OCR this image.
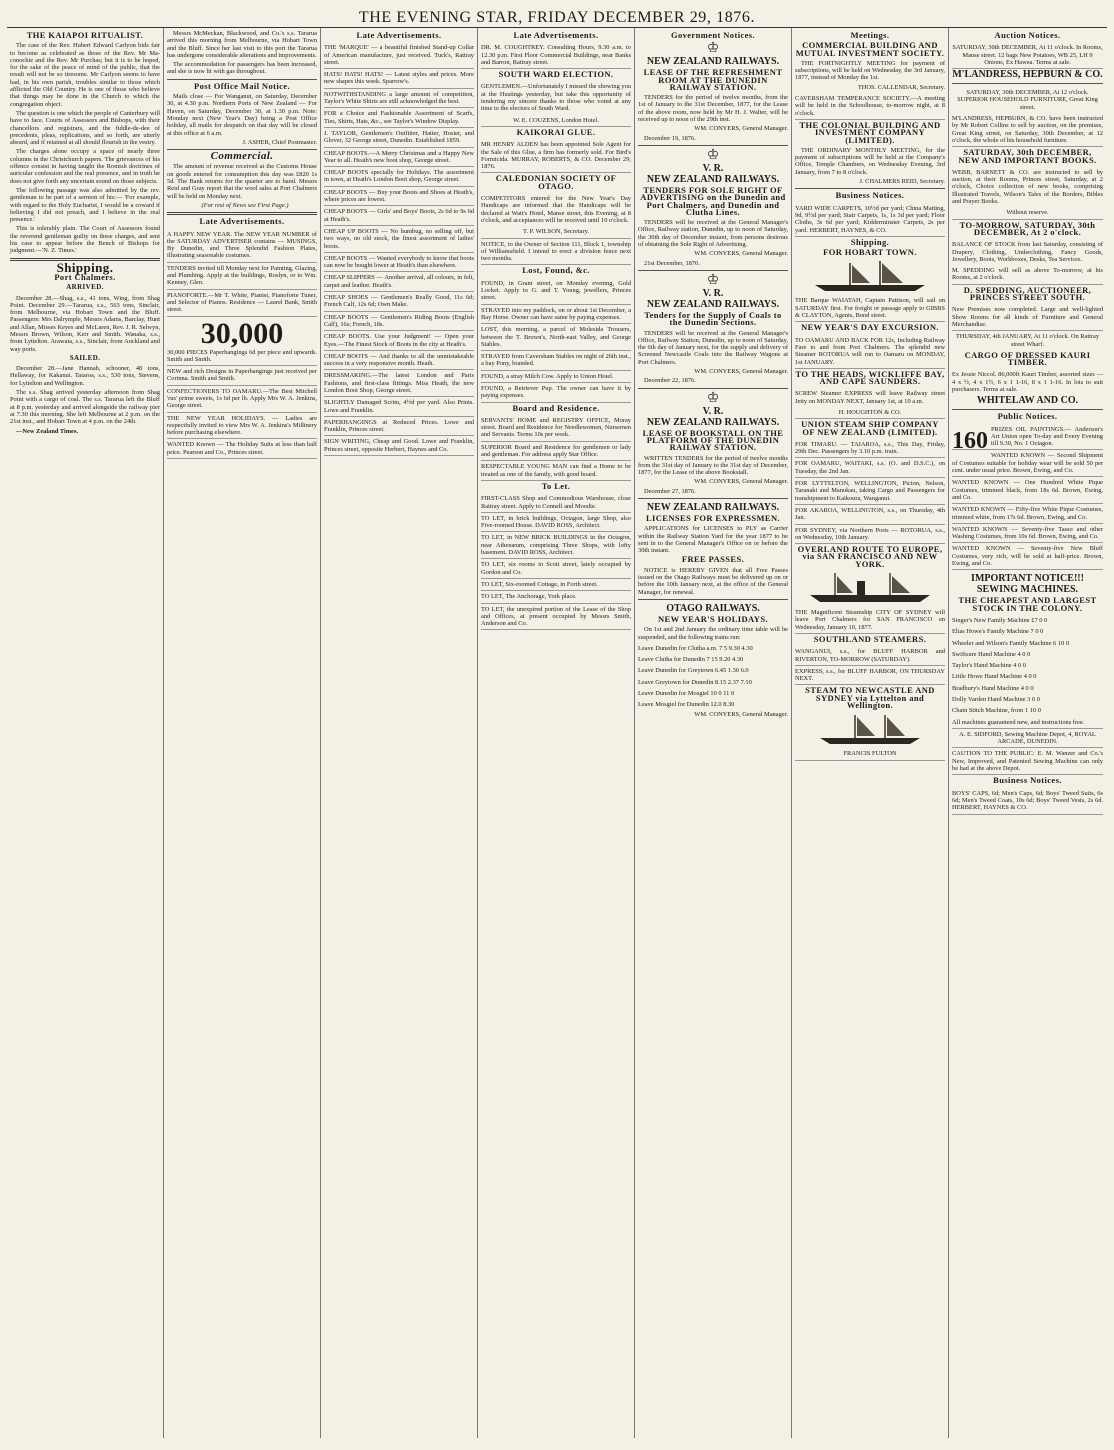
THE EVENING STAR, FRIDAY DECEMBER 29, 1876.
THE KAIAPOI RITUALIST.

The case of the Rev. Hubert Edward Carlyon bids fair to become as celebrated as those of the Rev. Mr Ma-conochie and the Rev. Mr Purchas; but it is to be hoped, for the sake of the peace of mind of the public, that the result will not be so tiresome. Mr Carlyon seems to have had, in his own parish, troubles similar to those which afflicted the Old Country. He is one of those who believe that things may be done in the Church to which the congregation object.

The question is one which the people of Canterbury will have to face. Courts of Assessors and Bishops, with their chancellors and registrars, and the fiddle-de-dee of precedents, pleas, replications, and so forth, are utterly absurd, and if retained at all should flourish in the vestry.

The charges alone occupy a space of nearly three columns in the Christchurch papers. The grievances of his offence consist in having taught the Romish doctrines of auricular confession and the real presence, and in truth he does not give forth any uncertain sound on those subjects.

The following passage was also admitted by the rev. gentleman to be part of a sermon of his:— 'For example, with regard to the Holy Eucharist, I would be a coward if believing I did not preach, and I believe in the real presence.'

This is tolerably plain. The Court of Assessors found the reverend gentleman guilty on these charges, and sent his case to appear before the Bench of Bishops for judgment.—'N. Z. Times.'

Shipping.
Port Chalmers.
ARRIVED.

December 28.—Shag, s.s., 41 tons, Wing, from Shag Point. December 29.—Tararua, s.s., 563 tons, Sinclair, from Melbourne, via Hobart Town and the Bluff. Passengers: Mrs Dalrymple, Messrs Adams, Barclay, Hunt and Allan, Misses Keyes and McLaren, Rev. J. R. Selwyn, Messrs Brown, Wilson, Kerr and Smith. Wanaka, s.s., from Lyttelton. Arawata, s.s., Sinclair, from Auckland and way ports.

SAILED.

December 28.—Jane Hannah, schooner, 48 tons, Hellaway, for Kakanui. Taiaroa, s.s., 530 tons, Stevens, for Lyttelton and Wellington.

The s.s. Shag arrived yesterday afternoon from Shag Point with a cargo of coal. The s.s. Tararua left the Bluff at 8 p.m. yesterday and arrived alongside the railway pier at 7.30 this morning. She left Melbourne at 2 p.m. on the 21st inst., and Hobart Town at 4 p.m. on the 24th.

—New Zealand Times.

Messrs McMeckan, Blackwood, and Co.'s s.s. Tararua arrived this morning from Melbourne, via Hobart Town and the Bluff. Since her last visit to this port the Tararua has undergone considerable alterations and improvements.

The accommodation for passengers has been increased, and she is now lit with gas throughout.

Post Office Mail Notice.

Mails close — For Wanganui, on Saturday, December 30, at 4.30 p.m. Northern Ports of New Zealand — For Haven, on Saturday, December 30, at 1.30 p.m. Note: Monday next (New Year's Day) being a Post Office holiday, all mails for despatch on that day will be closed at this office at 6 a.m.

J. ASHER, Chief Postmaster.

Commercial.

The amount of revenue received at the Customs House on goods entered for consumption this day was £820 1s 5d. The Bank returns for the quarter are to hand. Messrs Reid and Gray report that the wool sales at Port Chalmers will be held on Monday next.

(For rest of News see First Page.)

Late Advertisements.
A HAPPY NEW YEAR. The NEW YEAR NUMBER of the SATURDAY ADVERTISER contains — MUSINGS, By Dunedin, and Three Splendid Fashion Plates, illustrating seasonable costumes.
TENDERS invited till Monday next for Painting, Glazing, and Plumbing. Apply at the buildings, Roslyn, or to Wm. Kenney, Glen.
PIANOFORTE.—Mr T. White, Pianist, Pianoforte Tuner, and Selector of Pianos. Residence — Laurel Bank, Smith street.
30,000
30,000 PIECES Paperhangings 6d per piece and upwards. Smith and Smith.
NEW and rich Designs in Paperhangings just received per Corinna. Smith and Smith.
CONFECTIONERS TO OAMARU.—The Best Mitchell 'rus' prime sweets, 1s 6d per lb. Apply Mrs W. A. Jenkins, George street.
THE NEW YEAR HOLIDAYS. — Ladies are respectfully invited to view Mrs W. A. Jenkins's Millinery before purchasing elsewhere.
WANTED Known — The Holiday Suits at less than half price. Pearson and Co., Princes street.
Late Advertisements.
THE 'MARQUE' — a beautiful finished Stand-up Collar of American manufacture, just received. Tuck's, Rattray street.
HATS! HATS! HATS! — Latest styles and prices. More new shapes this week. Sparrow's.
NOTWITHSTANDING a large amount of competition, Taylor's White Shirts are still acknowledged the best.
FOR a Choice and Fashionable Assortment of Scarfs, Ties, Shirts, Hats, &c., see Taylor's Window Display.
J. TAYLOR, Gentlemen's Outfitter, Hatter, Hosier, and Glover, 32 George street, Dunedin. Established 1859.
CHEAP BOOTS.—A Merry Christmas and a Happy New Year to all. Heath's new boot shop, George street.
CHEAP BOOTS specially for Holidays. The assortment in town, at Heath's London Boot shop, George street.
CHEAP BOOTS — Buy your Boots and Shoes at Heath's, where prices are lowest.
CHEAP BOOTS — Girls' and Boys' Boots, 2s 6d to 9s 6d at Heath's.
CHEAP UP BOOTS — No humbug, no selling off, but two ways, no old stock, the finest assortment of ladies' boots.
CHEAP BOOTS — Wanted everybody to know that boots can now be bought lower at Heath's than elsewhere.
CHEAP SLIPPERS — Another arrival, all colours, in felt, carpet and leather. Heath's.
CHEAP SHOES — Gentlemen's Really Good, 11s 6d; French Calf, 12s 6d; Own Make.
CHEAP BOOTS — Gentlemen's Riding Boots (English Calf), 16s; French, 18s.
CHEAP BOOTS. Use your Judgment! — Open your Eyes.—The Finest Stock of Boots in the city at Heath's.
CHEAP BOOTS — And thanks to all the unmistakeable success in a very responsive month. Heath.
DRESSMAKING.—The latest London and Paris Fashions, and first-class fittings. Miss Heath, the new London Boot Shop, George street.
SLIGHTLY Damaged Scrim, 4½d per yard. Also Prints. Lowe and Franklin.
PAPERHANGINGS at Reduced Prices. Lowe and Franklin, Princes street.
SIGN WRITING, Cheap and Good. Lowe and Franklin, Princes street, opposite Herbert, Haynes and Co.
Late Advertisements.
DR. M. COUGHTREY. Consulting Hours, 9.30 a.m. to 12.30 p.m. First Floor Commercial Buildings, near Banks and Barron, Rattray street.
SOUTH WARD ELECTION.
GENTLEMEN.—Unfortunately I missed the showing you at the Hustings yesterday, but take this opportunity of tendering my sincere thanks to those who voted at any time to the electors of South Ward.
W. E. COUZENS, London Hotel.
KAIKORAI GLUE.
MR HENRY ALDEN has been appointed Sole Agent for the Sale of this Glue, a firm has formerly sold. For Bird's Formicida. MURRAY, ROBERTS, & CO. December 29, 1876.
CALEDONIAN SOCIETY OF OTAGO.
COMPETITORS entered for the New Year's Day Handicaps are informed that the Handicaps will be declared at Watt's Hotel, Manse street, this Evening, at 8 o'clock, and acceptances will be received until 10 o'clock.
T. P. WILSON, Secretary.
NOTICE, to the Owner of Section 111, Block 1, township of Williamsfield. I intend to erect a division fence next two months.
Lost, Found, &c.
FOUND, in Grant street, on Monday evening, Gold Locket. Apply to G. and T. Young, jewellers, Princes street.
STRAYED into my paddock, on or about 1st December, a Bay Horse. Owner can have same by paying expenses.
LOST, this morning, a parcel of Molesida Trousers, between the T. Brown's, North-east Valley, and George Stables.
STRAYED from Caversham Stables on night of 26th inst., a bay Pony, branded.
FOUND, a stray Milch Cow. Apply to Union Hotel.
FOUND, a Retriever Pup. The owner can have it by paying expenses.
Board and Residence.
SERVANTS' HOME and REGISTRY OFFICE, Moray street. Board and Residence for Needlewomen, Nursemen and Servants. Terms 10s per week.
SUPERIOR Board and Residence for gentlemen or lady and gentleman. For address apply Star Office.
RESPECTABLE YOUNG MAN can find a Home to be treated as one of the family, with good board.
To Let.
FIRST-CLASS Shop and Commodious Warehouse, close Rattray street. Apply to Connell and Moodie.
TO LET, in brick buildings, Octagon, large Shop, also Five-roomed House. DAVID ROSS, Architect.
TO LET, in NEW BRICK BUILDINGS in the Octagon, near Athenæum, comprising Three Shops, with lofty basement. DAVID ROSS, Architect.
TO LET, six rooms in Scott street, lately occupied by Gordon and Co.
TO LET, Six-roomed Cottage, in Forth street.
TO LET, The Anchorage, York place.
TO LET, the unexpired portion of the Lease of the Shop and Offices, at present occupied by Messrs Smith, Anderson and Co.
Government Notices.
♔
NEW ZEALAND RAILWAYS.
LEASE OF THE REFRESHMENT ROOM AT THE DUNEDIN RAILWAY STATION.

TENDERS for the period of twelve months, from the 1st of January to the 31st December, 1877, for the Lease of the above room, now held by Mr H. J. Walter, will be received up to noon of the 29th inst.

WM. CONYERS, General Manager.

December 19, 1876.

♔
V. R.
NEW ZEALAND RAILWAYS.
TENDERS FOR SOLE RIGHT OF ADVERTISING on the Dunedin and Port Chalmers, and Dunedin and Clutha Lines.

TENDERS will be received at the General Manager's Office, Railway station, Dunedin, up to noon of Saturday, the 30th day of December instant, from persons desirous of obtaining the Sole Right of Advertising.

WM. CONYERS, General Manager.

21st December, 1876.

♔
V. R.
NEW ZEALAND RAILWAYS.
Tenders for the Supply of Coals to the Dunedin Sections.

TENDERS will be received at the General Manager's Office, Railway Station, Dunedin, up to noon of Saturday, the 6th day of January next, for the supply and delivery of Screened Newcastle Coals into the Railway Wagons at Port Chalmers.

WM. CONYERS, General Manager.

December 22, 1876.

♔
V. R.
NEW ZEALAND RAILWAYS.
LEASE OF BOOKSTALL ON THE PLATFORM OF THE DUNEDIN RAILWAY STATION.

WRITTEN TENDERS for the period of twelve months from the 31st day of January to the 31st day of December, 1877, for the Lease of the above Bookstall.

WM. CONYERS, General Manager.

December 27, 1876.

NEW ZEALAND RAILWAYS.
LICENSES FOR EXPRESSMEN.

APPLICATIONS for LICENSES to PLY as Carrier within the Railway Station Yard for the year 1877 to be sent in to the General Manager's Office on or before the 30th instant.

FREE PASSES.

NOTICE is HEREBY GIVEN that all Free Passes issued on the Otago Railways must be delivered up on or before the 10th January next, at the office of the General Manager, for renewal.

OTAGO RAILWAYS.
NEW YEAR'S HOLIDAYS.

On 1st and 2nd January the ordinary time table will be suspended, and the following trains run:

Leave Dunedin for Clutha a.m. 7 5 9.30 4.30
Leave Clutha for Dunedin 7 15 9.20 4.30
Leave Dunedin for Greytown 6.45 1.30 6.0
Leave Greytown for Dunedin 8.15 2.37 7.10
Leave Dunedin for Mosgiel 10 0 11 0
Leave Mosgiel for Dunedin 12.0 8.30

WM. CONYERS, General Manager.

Meetings.
COMMERCIAL BUILDING AND MUTUAL INVESTMENT SOCIETY.

THE FORTNIGHTLY MEETING for payment of subscriptions, will be held on Wednesday, the 3rd January, 1877, instead of Monday the 1st.

THOS. CALLENDAR, Secretary.

CAVERSHAM TEMPERANCE SOCIETY.—A meeting will be held in the Schoolhouse, to-morrow night, at 8 o'clock.
THE COLONIAL BUILDING AND INVESTMENT COMPANY (LIMITED).

THE ORDINARY MONTHLY MEETING, for the payment of subscriptions will be held at the Company's Office, Temple Chambers, on Wednesday Evening, 3rd January, from 7 to 8 o'clock.

J. CHALMERS REID, Secretary.

Business Notices.
YARD WIDE CARPETS, 10½d per yard; China Matting, 9d, 9½d per yard; Stair Carpets, 1s, 1s 3d per yard; Floor Cloths, 3s 6d per yard; Kidderminster Carpets, 2s per yard. HERBERT, HAYNES, & CO.
Shipping.
FOR HOBART TOWN.
THE Barque WAIATAH, Captain Pattison, will sail on SATURDAY first. For freight or passage apply to GIBBS & CLAYTON, Agents, Bond street.
NEW YEAR'S DAY EXCURSION.
TO OAMARU AND BACK FOR 12s, Including Railway Fare to and from Port Chalmers. The splendid new Steamer ROTORUA will run to Oamaru on MONDAY, 1st JANUARY.
TO THE HEADS, WICKLIFFE BAY, AND CAPE SAUNDERS.
SCREW Steamer EXPRESS will leave Railway street Jetty on MONDAY NEXT, January 1st, at 10 a.m.
H. HOUGHTON & CO.
UNION STEAM SHIP COMPANY OF NEW ZEALAND (LIMITED).
FOR TIMARU. — TAIAROA, s.s., This Day, Friday, 29th Dec. Passengers by 3.10 p.m. train.
FOR OAMARU, WAITAKI, s.s. (O. and D.S.C.), on Tuesday, the 2nd Jan.
FOR LYTTELTON, WELLINGTON, Picton, Nelson, Taranaki and Manukau, taking Cargo and Passengers for transhipment to Kaikoura, Wanganui.
FOR AKAROA, WELLINGTON, s.s., on Thursday, 4th Jan.
FOR SYDNEY, via Northern Ports — ROTORUA, s.s., on Wednesday, 10th January.
OVERLAND ROUTE TO EUROPE, via SAN FRANCISCO AND NEW YORK.
THE Magnificent Steamship CITY OF SYDNEY will leave Port Chalmers for SAN FRANCISCO on Wednesday, January 10, 1877.
SOUTHLAND STEAMERS.
WANGANUI, s.s., for BLUFF HARBOR and RIVERTON, TO-MORROW (SATURDAY).
EXPRESS, s.s., for BLUFF HARBOR, ON THURSDAY NEXT.
STEAM TO NEWCASTLE AND SYDNEY via Lyttelton and Wellington.
FRANCIS FULTON
Auction Notices.
SATURDAY, 30th DECEMBER, At 11 o'clock. In Rooms, Manse street. 12 bags New Potatoes, WB 25, LH 9 Onions, Ex Hawea. Terms at sale.
M'LANDRESS, HEPBURN & CO.
SATURDAY, 30th DECEMBER, At 12 o'clock. SUPERIOR HOUSEHOLD FURNITURE, Great King street.
M'LANDRESS, HEPBURN, & CO. have been instructed by Mr Robert Collins to sell by auction, on the premises, Great King street, on Saturday, 30th December, at 12 o'clock, the whole of his household furniture.
SATURDAY, 30th DECEMBER, NEW AND IMPORTANT BOOKS.
WEBB, BARNETT & CO. are instructed to sell by auction, at their Rooms, Princes street, Saturday, at 2 o'clock, Choice collection of new books, comprising Illustrated Travels, Wilson's Tales of the Borders, Bibles and Prayer Books.
Without reserve.
TO-MORROW, SATURDAY, 30th DECEMBER, At 2 o'clock.
BALANCE OF STOCK from last Saturday, consisting of Drapery, Clothing, Underclothing, Fancy Goods, Jewellery, Boots, Workboxes, Desks, Tea Services.
M. SPEDDING will sell as above To-morrow, at his Rooms, at 2 o'clock.
D. SPEDDING, AUCTIONEER, PRINCES STREET SOUTH.
New Premises now completed. Large and well-lighted Show Rooms for all kinds of Furniture and General Merchandise.
THURSDAY, 4th JANUARY, At 11 o'clock. On Rattray street Wharf.
CARGO OF DRESSED KAURI TIMBER.
Ex Jessie Niccol. 86,000ft Kauri Timber, assorted sizes — 4 x ½, 4 x 1½, 6 x 1 1-16, 8 x 1 1-16. In lots to suit purchasers. Terms at sale.
WHITELAW AND CO.
Public Notices.
160 PRIZES OIL PAINTINGS.— Anderson's Art Union open To-day and Every Evening till 9.30, No. 1 Octagon.
WANTED KNOWN — Second Shipment of Costumes suitable for holiday wear will be sold 50 per cent. under usual price. Brown, Ewing, and Co.
WANTED KNOWN — One Hundred White Pique Costumes, trimmed black, from 18s 6d. Brown, Ewing, and Co.
WANTED KNOWN — Fifty-five White Pique Costumes, trimmed white, from 17s 6d. Brown, Ewing, and Co.
WANTED KNOWN — Seventy-five Tasso and other Washing Costumes, from 10s 6d. Brown, Ewing, and Co.
WANTED KNOWN — Seventy-five New Bluff Costumes, very rich, will be sold at half-price. Brown, Ewing, and Co.
IMPORTANT NOTICE!!!
SEWING MACHINES.
THE CHEAPEST AND LARGEST STOCK IN THE COLONY.
Singer's New Family Machine £7 0 0
Elias Howe's Family Machine 7 0 0
Wheeler and Wilson's Family Machine 6 10 0
Swiftsure Hand Machine 4 0 0
Taylor's Hand Machine 4 0 0
Little Howe Hand Machine 4 0 0
Bradbury's Hand Machine 4 0 0
Dolly Varden Hand Machine 3 0 0
Chain Stitch Machine, from 1 10 0
All machines guaranteed new, and instructions free.
A. E. SIDFORD, Sewing Machine Depot, 4, ROYAL ARCADE, DUNEDIN.
CAUTION TO THE PUBLIC: E. M. Wanzer and Co.'s New, Improved, and Patented Sewing Machine can only be had at the above Depot.
Business Notices.
BOYS' CAPS, 6d; Men's Caps, 6d; Boys' Tweed Suits, 6s 6d; Men's Tweed Coats, 10s 6d; Boys' Tweed Vests, 2s 6d. HERBERT, HAYNES & CO.
